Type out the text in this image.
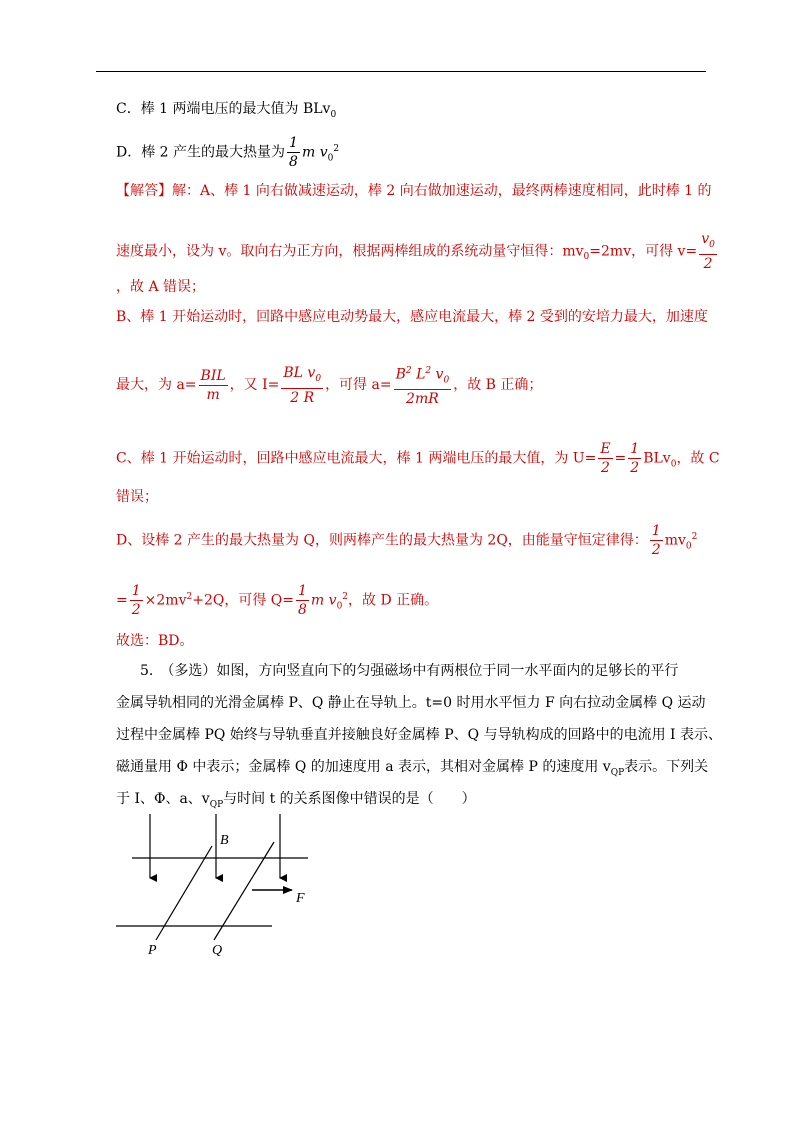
C．棒 1 两端电压的最大值为 BLv$_0$
D．棒 2 产生的最大热量为 $\frac{1}{8}$ m $v_0^2$
【解答】解：A、棒 1 向右做减速运动，棒 2 向右做加速运动，最终两棒速度相同，此时棒 1 的
速度最小，设为 v。取向右为正方向，根据两棒组成的系统动量守恒得：$mv_0=2mv$，可得 $v= \frac{v_0}{2}$
，故 A 错误；
B、棒 1 开始运动时，回路中感应电动势最大，感应电流最大，棒 2 受到的安培力最大，加速度
最大，为 $a= \frac{\text{BIL}}{m}$ ，又 $I= \frac{BL v_0}{2 R}$ ，可得 $a= \frac{B^2 L^2 v_0}{2mR}$ ，故 B 正确；
C、棒 1 开始运动时，回路中感应电流最大，棒 1 两端电压的最大值，为 $U= \frac{E}{2} = \frac{1}{2} BLv_0$，故 C
错误；
D、设棒 2 产生的最大热量为 Q，则两棒产生的最大热量为 2Q，由能量守恒定律得： $\frac{1}{2} mv_0^2$
= $\frac{1}{2} \times 2mv^2+2Q$，可得 $Q= \frac{1}{8}$ m $v_0^2$，故 D 正确。
故选：BD。
5.　（多选）如图，方向竖直向下的匀强磁场中有两根位于同一水平面内的足够长的平行
金属导轨相同的光滑金属棒 P、Q 静止在导轨上。t=0 时用水平恒力 F 向右拉动金属棒 Q 运动
过程中金属棒 PQ 始终与导轨垂直并接触良好金属棒 P、Q 与导轨构成的回路中的电流用 I 表示、
磁通量用 Φ 中表示；金属棒 Q 的加速度用 a 表示，其相对金属棒 P 的速度用 $v_{QP}$表示。下列关
于 I、Φ、a、$v_{QP}$与时间 t 的关系图像中错误的是（　　）
B
F
P	Q
